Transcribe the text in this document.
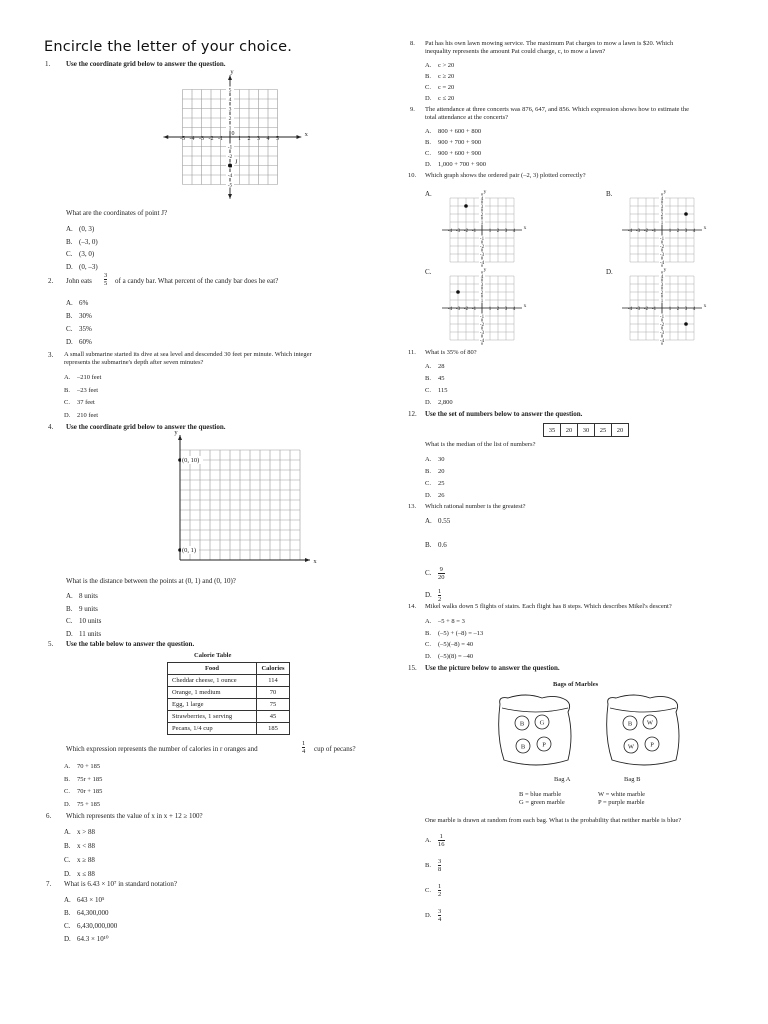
Encircle the letter of your choice.
1. Use the coordinate grid below to answer the question.
x
y
-5 -4 -3 -2 -1	1 2 3 4 5
0
5
4
3
2
1
-1
-2
-4
-5
J
What are the coordinates of point J?
A. (0, 3)
B. (–3, 0)
C. (3, 0)
D. (0, –3)
2. John eats $\frac{3}{5}$ of a candy bar. What percent of the candy bar does he eat?
A. 6%
B. 30%
C. 35%
D. 60%
3. A small submarine started its dive at sea level and descended 30 feet per minute. Which integer
represents the submarine's depth after seven minutes?
A. –210 feet
B. –23 feet
C. 37 feet
D. 210 feet
4. Use the coordinate grid below to answer the question.
x
y
(0, 10)
(0, 1)
What is the distance between the points at (0, 1) and (0, 10)?
A. 8 units
B. 9 units
C. 10 units
D. 11 units
5. Use the table below to answer the question.
Calorie Table
Food	Calories
Cheddar cheese, 1 ounce	114
Orange, 1 medium	70
Egg, 1 large	75
Strawberries, 1 serving	45
Pecans, 1/4 cup	185
Which expression represents the number of calories in r oranges and	$\frac{1}{4}$ cup of pecans?
A. 70 + 185
B. 75r + 185
C. 70r + 185
D. 75 + 185
6. Which represents the value of x in x + 12 ≥ 100?
A. x > 88
B. x < 88
C. x ≥ 88
D. x ≤ 88
7. What is 6.43 × 10⁷ in standard notation?
A. 643 × 10⁵
B. 64,300,000
C. 6,430,000,000
D. 64.3 × 10¹⁰
8. Pat has his own lawn mowing service. The maximum Pat charges to mow a lawn is $20. Which
inequality represents the amount Pat could charge, c, to mow a lawn?
A. c > 20
B. c ≥ 20
C. c = 20
D. c ≤ 20
9. The attendance at three concerts was 876, 647, and 856. Which expression shows how to estimate the
total attendance at the concerts?
A. 800 + 600 + 800
B. 900 + 700 + 900
C. 900 + 600 + 900
D. 1,000 + 700 + 900
10. Which graph shows the ordered pair (–2, 3) plotted correctly?
A.	B.
C.	D.
x
y
-4 -3 -2 -1	1 2 3 4
4
3
2
1
-1
-2
-3
-4
x
y
-4 -3 -2 -1	1 2 3 4
4
3
2
1
-1
-2
-3
-4
x
y
-4 -3 -2 -1	1 2 3 4
4
3
2
1
-1
-2
-3
-4
x
y
-4 -3 -2 -1	1 2 3 4
4
3
2
1
-1
-2
-3
-4
11. What is 35% of 80?
A. 28
B. 45
C. 115
D. 2,800
12. Use the set of numbers below to answer the question.
35	20	30	25	20
What is the median of the list of numbers?
A. 30
B. 20
C. 25
D. 26
13. Which rational number is the greatest?
A. 0.55
B. 0.6
C. $\frac{9}{20}$
D. $\frac{1}{2}$
14. Mikel walks down 5 flights of stairs. Each flight has 8 steps. Which describes Mikel's descent?
A. –5 + 8 = 3
B. (–5) + (–8) = –13
C. (–5)(–8) = 40
D. (–5)(8) = –40
15. Use the picture below to answer the question.
Bags of Marbles
B G
B	P
B W
W P
Bag A	Bag B
B = blue marble
G = green marble
W = white marble
P = purple marble
One marble is drawn at random from each bag. What is the probability that neither marble is blue?
A. $\frac{1}{16}$
B. $\frac{3}{8}$
C. $\frac{1}{2}$
D. $\frac{3}{4}$
